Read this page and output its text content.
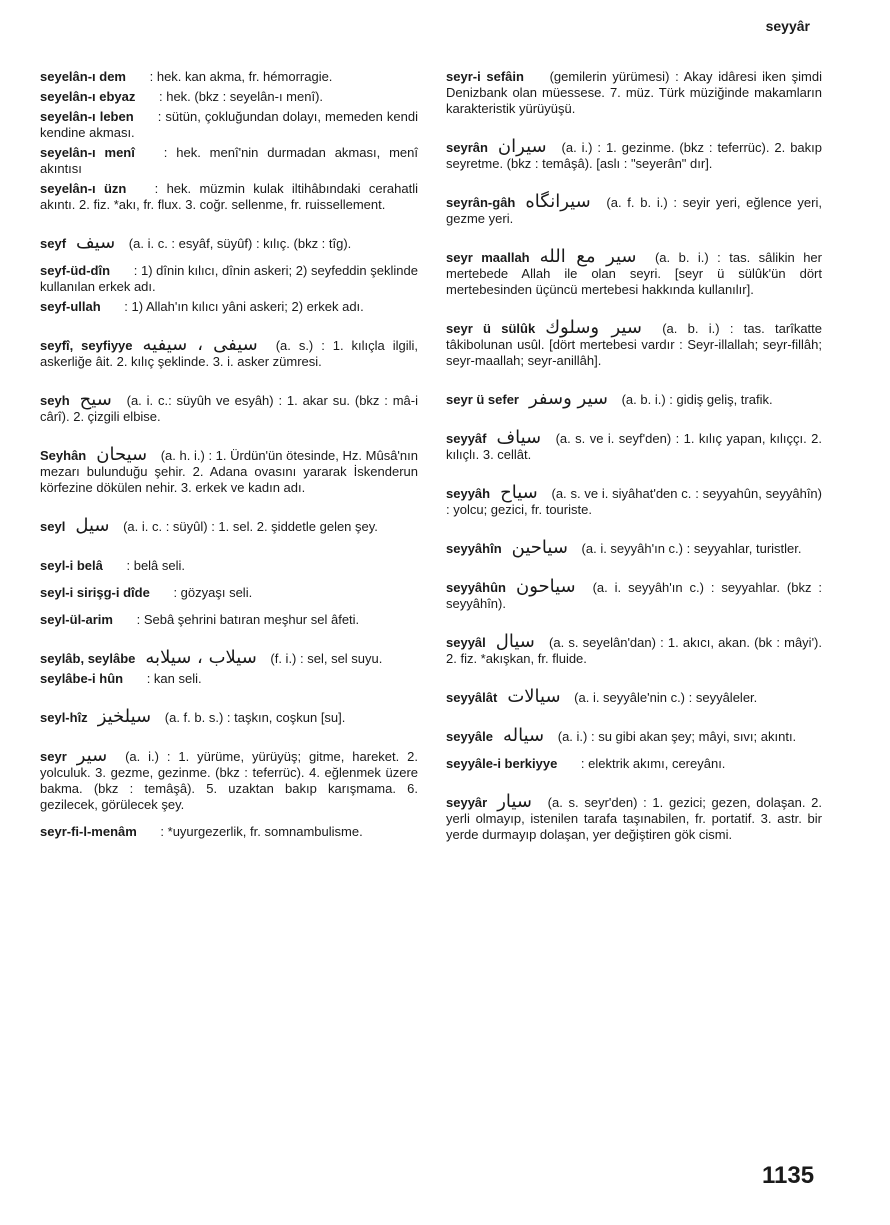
seyyâr
seyelân-ı dem : hek. kan akma, fr. hémorragie.
seyelân-ı ebyaz : hek. (bkz : seyelân-ı menî).
seyelân-ı leben : sütün, çokluğundan dolayı, memeden kendi kendine akması.
seyelân-ı menî : hek. menî'nin durmadan akması, menî akıntısı
seyelân-ı üzn : hek. müzmin kulak iltihâbındaki cerahatli akıntı. 2. fiz. *akı, fr. flux. 3. coğr. sellenme, fr. ruissellement.
seyf سيف (a. i. c. : esyâf, süyûf) : kılıç. (bkz : tîg).
seyf-üd-dîn : 1) dînin kılıcı, dînin askeri; 2) seyfeddin şeklinde kullanılan erkek adı.
seyf-ullah : 1) Allah'ın kılıcı yâni askeri; 2) erkek adı.
seyfî, seyfiyye سيفى ، سيفيه (a. s.) : 1. kılıçla ilgili, askerliğe âit. 2. kılıç şeklinde. 3. i. asker zümresi.
seyh سيح (a. i. c.: süyûh ve esyâh) : 1. akar su. (bkz : mâ-i cârî). 2. çizgili elbise.
Seyhân سيحان (a. h. i.) : 1. Ürdün'ün ötesinde, Hz. Mûsâ'nın mezarı bulunduğu şehir. 2. Adana ovasını yararak İskenderun körfezine dökülen nehir. 3. erkek ve kadın adı.
seyl سيل (a. i. c. : süyûl) : 1. sel. 2. şiddetle gelen şey.
seyl-i belâ : belâ seli.
seyl-i sirişg-i dîde : gözyaşı seli.
seyl-ül-arim : Sebâ şehrini batıran meşhur sel âfeti.
seylâb, seylâbe سيلاب ، سيلابه (f. i.) : sel, sel suyu.
seylâbe-i hûn : kan seli.
seyl-hîz سيلخيز (a. f. b. s.) : taşkın, coşkun [su].
seyr سير (a. i.) : 1. yürüme, yürüyüş; gitme, hareket. 2. yolculuk. 3. gezme, gezinme. (bkz : teferrüc). 4. eğlenmek üzere bakma. (bkz : temâşâ). 5. uzaktan bakıp karışmama. 6. gezilecek, görülecek şey.
seyr-fi-l-menâm : *uyurgezerlik, fr. somnambulisme.
seyr-i sefâin (gemilerin yürümesi) : Akay idâresi iken şimdi Denizbank olan müessese. 7. müz. Türk müziğinde makamların karakteristik yürüyüşü.
seyrân سيران (a. i.) : 1. gezinme. (bkz : teferrüc). 2. bakıp seyretme. (bkz : temâşâ). [aslı : "seyerân" dır].
seyrân-gâh سيرانگاه (a. f. b. i.) : seyir yeri, eğlence yeri, gezme yeri.
seyr maallah سير مع الله (a. b. i.) : tas. sâlikin her mertebede Allah ile olan seyri. [seyr ü sülûk'ün dört mertebesinden üçüncü mertebesi hakkında kullanılır].
seyr ü sülûk سير وسلوك (a. b. i.) : tas. tarîkatte tâkibolunan usûl. [dört mertebesi vardır : Seyr-illallah; seyr-fillâh; seyr-maallah; seyr-anillâh].
seyr ü sefer سير وسفر (a. b. i.) : gidiş geliş, trafik.
seyyâf سياف (a. s. ve i. seyf'den) : 1. kılıç yapan, kılıççı. 2. kılıçlı. 3. cellât.
seyyâh سياح (a. s. ve i. siyâhat'den c. : seyyahûn, seyyâhîn) : yolcu; gezici, fr. touriste.
seyyâhîn سياحين (a. i. seyyâh'ın c.) : seyyahlar, turistler.
seyyâhûn سياحون (a. i. seyyâh'ın c.) : seyyahlar. (bkz : seyyâhîn).
seyyâl سيال (a. s. seyelân'dan) : 1. akıcı, akan. (bk : mâyi'). 2. fiz. *akışkan, fr. fluide.
seyyâlât سيالات (a. i. seyyâle'nin c.) : seyyâleler.
seyyâle سياله (a. i.) : su gibi akan şey; mâyi, sıvı; akıntı.
seyyâle-i berkiyye : elektrik akımı, cereyânı.
seyyâr سيار (a. s. seyr'den) : 1. gezici; gezen, dolaşan. 2. yerli olmayıp, istenilen tarafa taşınabilen, fr. portatif. 3. astr. bir yerde durmayıp dolaşan, yer değiştiren gök cismi.
1135
